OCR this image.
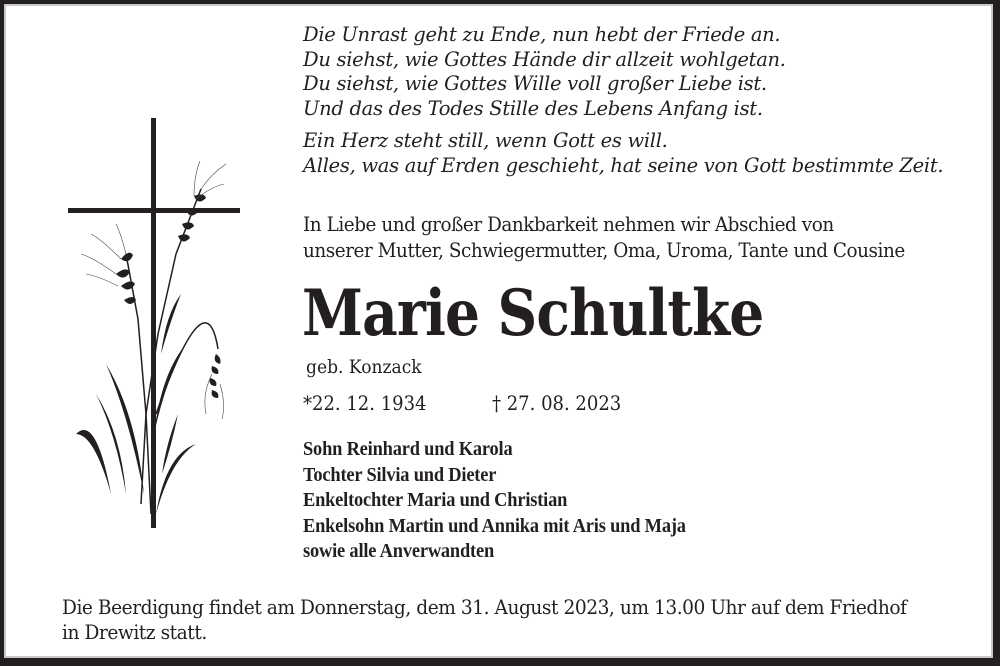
Die Unrast geht zu Ende, nun hebt der Friede an.

Du siehst, wie Gottes Hände dir allzeit wohlgetan.

Du siehst, wie Gottes Wille voll großer Liebe ist.

Und das des Todes Stille des Lebens Anfang ist.

Ein Herz steht still, wenn Gott es will.

Alles, was auf Erden geschieht, hat seine von Gott bestimmte Zeit.

In Liebe und großer Dankbarkeit nehmen wir Abschied von
unserer Mutter, Schwiegermutter, Oma, Uroma, Tante und Cousine
Marie Schultke
geb. Konzack
*22. 12. 1934	† 27. 08. 2023

Sohn Reinhard und Karola

Tochter Silvia und Dieter

Enkeltochter Maria und Christian

Enkelsohn Martin und Annika mit Aris und Maja

sowie alle Anverwandten

Die Beerdigung findet am Donnerstag, dem 31. August 2023, um 13.00 Uhr auf dem Friedhof

in Drewitz statt.
